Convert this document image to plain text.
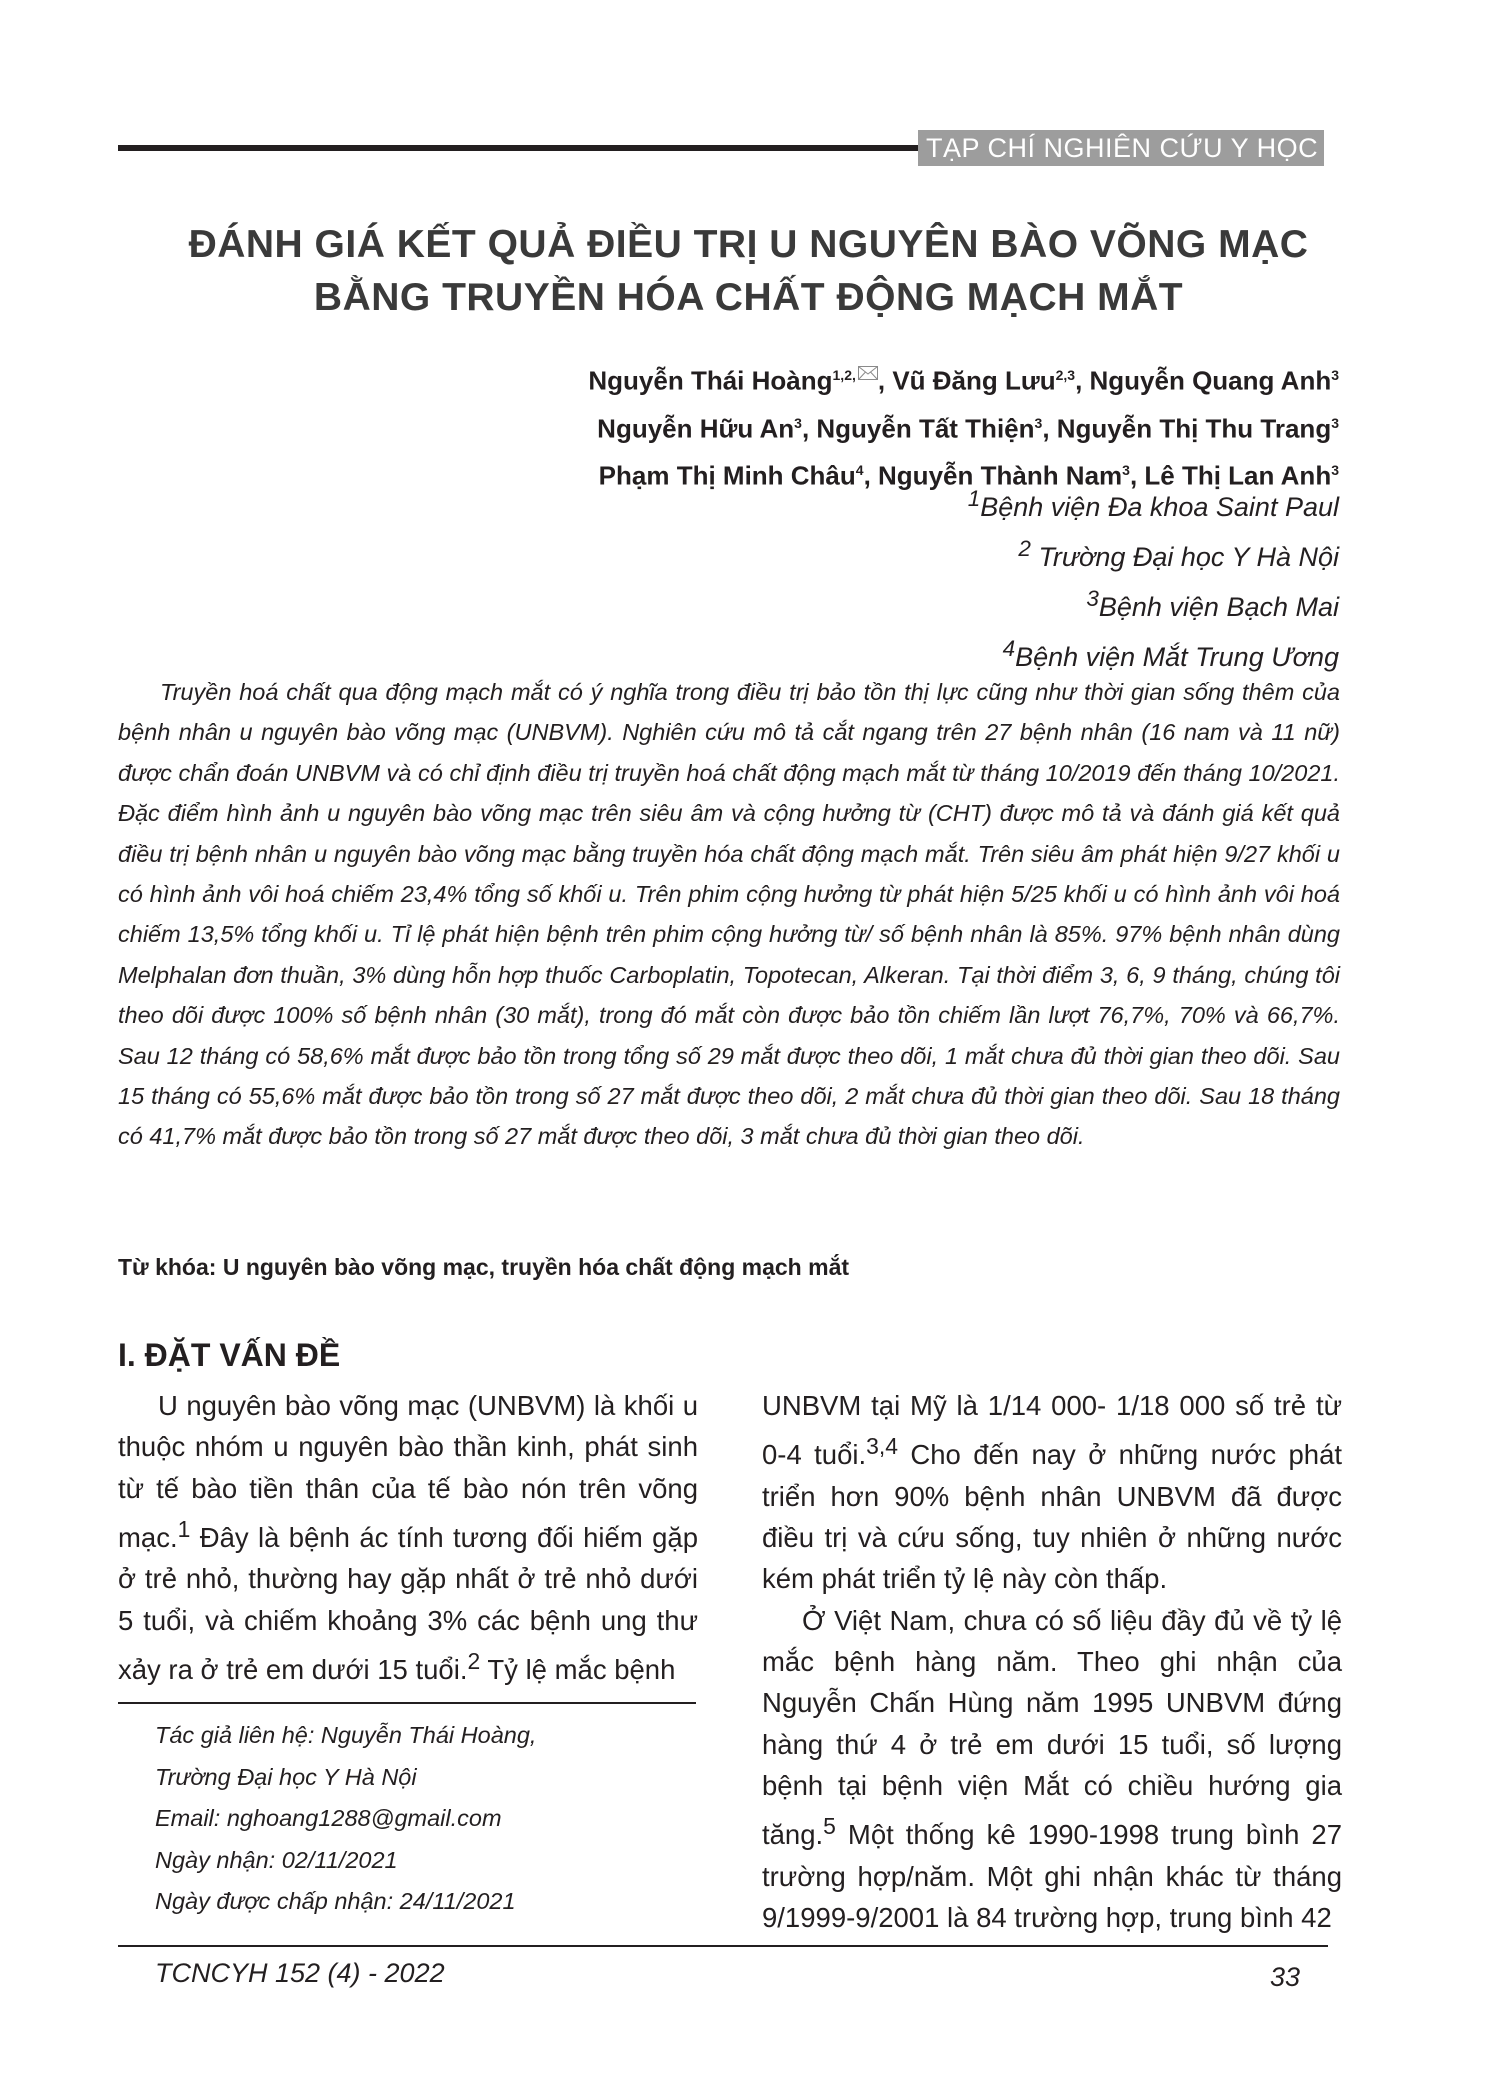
TẠP CHÍ NGHIÊN CỨU Y HỌC
ĐÁNH GIÁ KẾT QUẢ ĐIỀU TRỊ U NGUYÊN BÀO VÕNG MẠC
BẰNG TRUYỀN HÓA CHẤT ĐỘNG MẠCH MẮT
Nguyễn Thái Hoàng$^{1,2,}$ , Vũ Đăng Lưu$^{2,3}$, Nguyễn Quang Anh$^3$
Nguyễn Hữu An$^3$, Nguyễn Tất Thiện$^3$, Nguyễn Thị Thu Trang$^3$
Phạm Thị Minh Châu$^4$, Nguyễn Thành Nam$^3$, Lê Thị Lan Anh$^3$
$^1$Bệnh viện Đa khoa Saint Paul
$^2$ Trường Đại học Y Hà Nội
$^3$Bệnh viện Bạch Mai
$^4$Bệnh viện Mắt Trung Ương

Truyền hoá chất qua động mạch mắt có ý nghĩa trong điều trị bảo tồn thị lực cũng như thời gian sống thêm của bệnh nhân u nguyên bào võng mạc (UNBVM). Nghiên cứu mô tả cắt ngang trên 27 bệnh nhân (16 nam và 11 nữ) được chẩn đoán UNBVM và có chỉ định điều trị truyền hoá chất động mạch mắt từ tháng 10/2019 đến tháng 10/2021. Đặc điểm hình ảnh u nguyên bào võng mạc trên siêu âm và cộng hưởng từ (CHT) được mô tả và đánh giá kết quả điều trị bệnh nhân u nguyên bào võng mạc bằng truyền hóa chất động mạch mắt. Trên siêu âm phát hiện 9/27 khối u có hình ảnh vôi hoá chiếm 23,4% tổng số khối u. Trên phim cộng hưởng từ phát hiện 5/25 khối u có hình ảnh vôi hoá chiếm 13,5% tổng khối u. Tỉ lệ phát hiện bệnh trên phim cộng hưởng từ/ số bệnh nhân là 85%. 97% bệnh nhân dùng Melphalan đơn thuần, 3% dùng hỗn hợp thuốc Carboplatin, Topotecan, Alkeran. Tại thời điểm 3, 6, 9 tháng, chúng tôi theo dõi được 100% số bệnh nhân (30 mắt), trong đó mắt còn được bảo tồn chiếm lần lượt 76,7%, 70% và 66,7%. Sau 12 tháng có 58,6% mắt được bảo tồn trong tổng số 29 mắt được theo dõi, 1 mắt chưa đủ thời gian theo dõi. Sau 15 tháng có 55,6% mắt được bảo tồn trong số 27 mắt được theo dõi, 2 mắt chưa đủ thời gian theo dõi. Sau 18 tháng có 41,7% mắt được bảo tồn trong số 27 mắt được theo dõi, 3 mắt chưa đủ thời gian theo dõi.

Từ khóa: U nguyên bào võng mạc, truyền hóa chất động mạch mắt
I. ĐẶT VẤN ĐỀ

U nguyên bào võng mạc (UNBVM) là khối u thuộc nhóm u nguyên bào thần kinh, phát sinh từ tế bào tiền thân của tế bào nón trên võng mạc.$^1$ Đây là bệnh ác tính tương đối hiếm gặp ở trẻ nhỏ, thường hay gặp nhất ở trẻ nhỏ dưới 5 tuổi, và chiếm khoảng 3% các bệnh ung thư xảy ra ở trẻ em dưới 15 tuổi.$^2$ Tỷ lệ mắc bệnh

UNBVM tại Mỹ là 1/14 000- 1/18 000 số trẻ từ 0-4 tuổi.$^{3,4}$ Cho đến nay ở những nước phát triển hơn 90% bệnh nhân UNBVM đã được điều trị và cứu sống, tuy nhiên ở những nước kém phát triển tỷ lệ này còn thấp.

Ở Việt Nam, chưa có số liệu đầy đủ về tỷ lệ mắc bệnh hàng năm. Theo ghi nhận của Nguyễn Chấn Hùng năm 1995 UNBVM đứng hàng thứ 4 ở trẻ em dưới 15 tuổi, số lượng bệnh tại bệnh viện Mắt có chiều hướng gia tăng.$^5$ Một thống kê 1990-1998 trung bình 27 trường hợp/năm. Một ghi nhận khác từ tháng 9/1999-9/2001 là 84 trường hợp, trung bình 42

Tác giả liên hệ: Nguyễn Thái Hoàng,
Trường Đại học Y Hà Nội
Email: nghoang1288@gmail.com
Ngày nhận: 02/11/2021
Ngày được chấp nhận: 24/11/2021
TCNCYH 152 (4) - 2022	33
